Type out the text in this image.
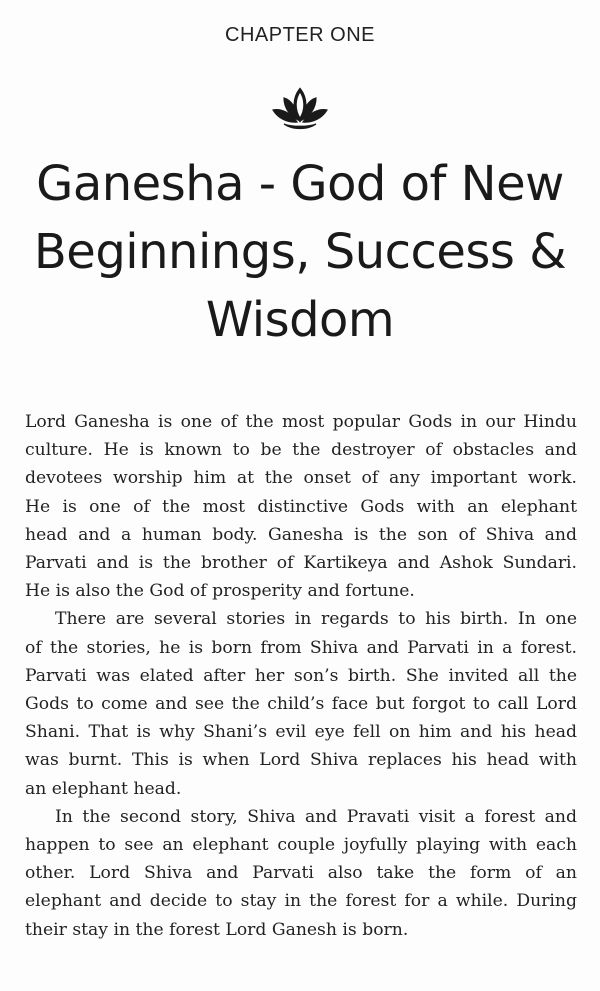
CHAPTER ONE
Ganesha - God of New
Beginnings, Success &
Wisdom

Lord Ganesha is one of the most popular Gods in our Hindu
culture. He is known to be the destroyer of obstacles and
devotees worship him at the onset of any important work.
He is one of the most distinctive Gods with an elephant
head and a human body. Ganesha is the son of Shiva and
Parvati and is the brother of Kartikeya and Ashok Sundari.
He is also the God of prosperity and fortune.

There are several stories in regards to his birth. In one
of the stories, he is born from Shiva and Parvati in a forest.
Parvati was elated after her son’s birth. She invited all the
Gods to come and see the child’s face but forgot to call Lord
Shani. That is why Shani’s evil eye fell on him and his head
was burnt. This is when Lord Shiva replaces his head with
an elephant head.

In the second story, Shiva and Pravati visit a forest and
happen to see an elephant couple joyfully playing with each
other. Lord Shiva and Parvati also take the form of an
elephant and decide to stay in the forest for a while. During
their stay in the forest Lord Ganesh is born.
